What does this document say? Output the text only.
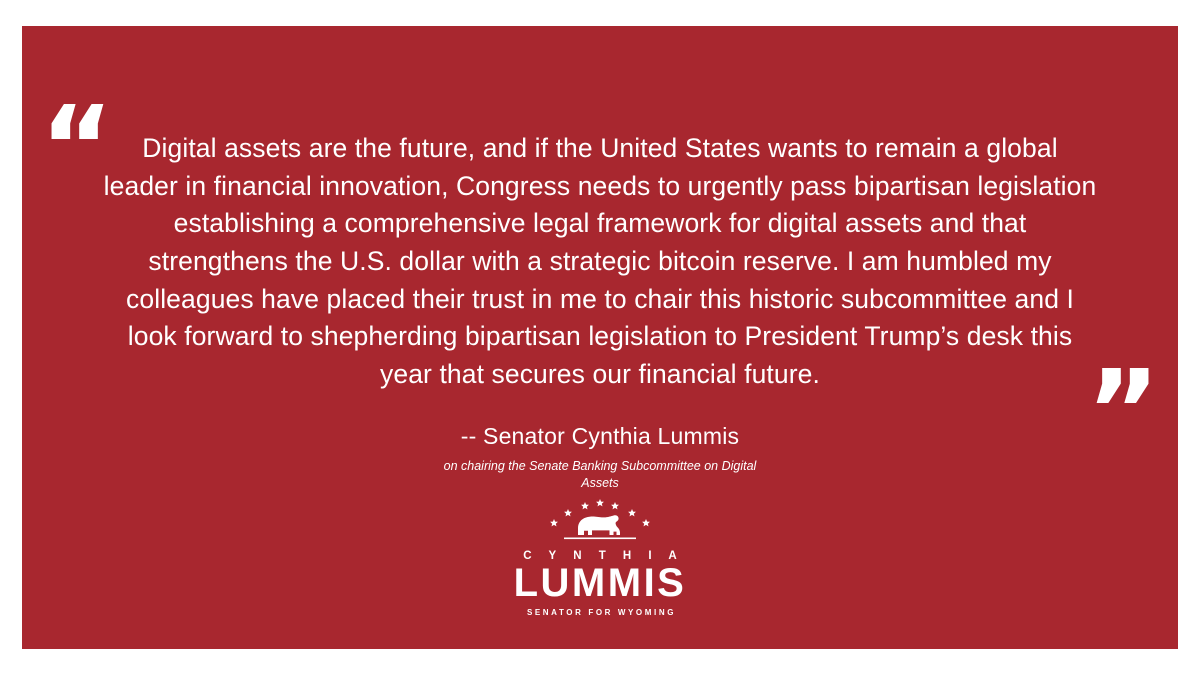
“
”

Digital assets are the future, and if the United States wants to remain a global leader in financial innovation, Congress needs to urgently pass bipartisan legislation establishing a comprehensive legal framework for digital assets and that strengthens the U.S. dollar with a strategic bitcoin reserve. I am humbled my colleagues have placed their trust in me to chair this historic subcommittee and I look forward to shepherding bipartisan legislation to President Trump’s desk this year that secures our financial future.

-- Senator Cynthia Lummis
on chairing the Senate Banking Subcommittee on Digital Assets
C Y N T H I A
LUMMIS
SENATOR FOR WYOMING
